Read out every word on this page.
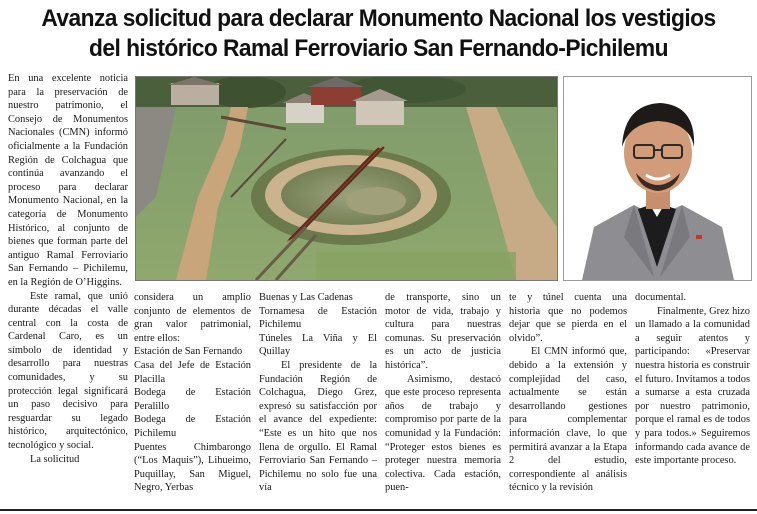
Avanza solicitud para declarar Monumento Nacional los vestigios
del histórico Ramal Ferroviario San Fernando-Pichilemu

En una excelente noticia para la preservación de nuestro patrimonio, el Consejo de Monumentos Nacionales (CMN) informó oficialmente a la Fundación Región de Colchagua que continúa avanzando el proceso para declarar Monumento Nacional, en la categoría de Monumento Histórico, al conjunto de bienes que forman parte del antiguo Ramal Ferroviario San Fernando – Pichilemu, en la Región de O’Higgins.

Este ramal, que unió durante décadas el valle central con la costa de Cardenal Caro, es un símbolo de identidad y desarrollo para nuestras comunidades, y su protección legal significará un paso decisivo para resguardar su legado histórico, arquitectónico, tecnológico y social.

La solicitud

considera un amplio conjunto de elementos de gran valor patrimonial, entre ellos:

Estación de San Fernando

Casa del Jefe de Estación Placilla

Bodega de Estación Peralillo

Bodega de Estación Pichilemu

Puentes Chimbarongo (“Los Maquis”), Lihueimo, Puquillay, San Miguel, Negro, Yerbas

Buenas y Las Cadenas

Tornamesa de Estación Pichilemu

Túneles La Viña y El Quillay

El presidente de la Fundación Región de Colchagua, Diego Grez, expresó su satisfacción por el avance del expediente: “Este es un hito que nos llena de orgullo. El Ramal Ferroviario San Fernando – Pichilemu no solo fue una vía

de transporte, sino un motor de vida, trabajo y cultura para nuestras comunas. Su preservación es un acto de justicia histórica”.

Asimismo, destacó que este proceso representa años de trabajo y compromiso por parte de la comunidad y la Fundación: “Proteger estos bienes es proteger nuestra memoria colectiva. Cada estación, puen-

te y túnel cuenta una historia que no podemos dejar que se pierda en el olvido”.

El CMN informó que, debido a la extensión y complejidad del caso, actualmente se están desarrollando gestiones para complementar información clave, lo que permitirá avanzar a la Etapa 2 del estudio, correspondiente al análisis técnico y la revisión

documental.

Finalmente, Grez hizo un llamado a la comunidad a seguir atentos y participando: «Preservar nuestra historia es construir el futuro. Invitamos a todos a sumarse a esta cruzada por nuestro patrimonio, porque el ramal es de todos y para todos.» Seguiremos informando cada avance de este importante proceso.
